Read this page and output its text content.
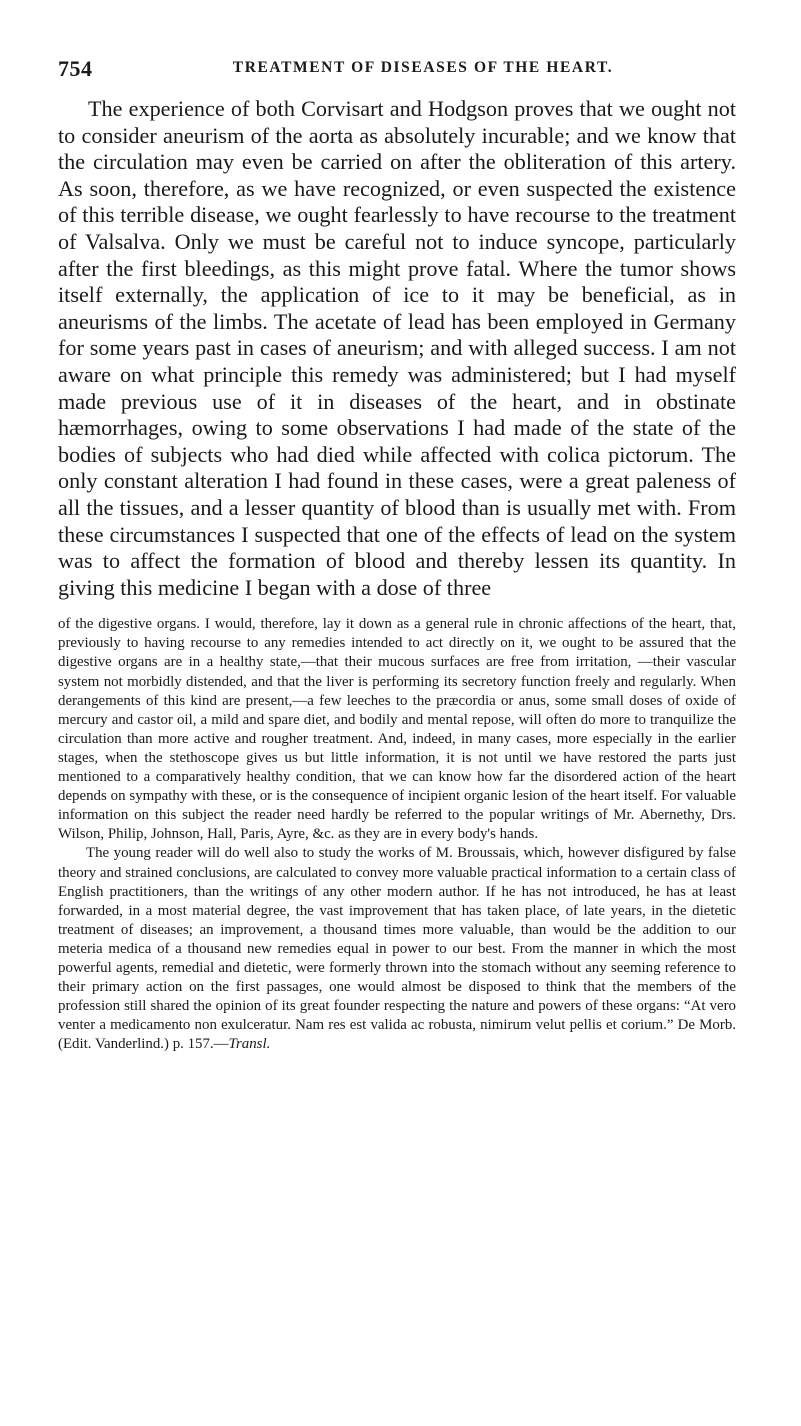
754	TREATMENT OF DISEASES OF THE HEART.

The experience of both Corvisart and Hodgson proves that we ought not to consider aneurism of the aorta as absolutely incurable; and we know that the circulation may even be carried on after the obliteration of this artery. As soon, therefore, as we have recognized, or even suspected the existence of this terrible disease, we ought fearlessly to have recourse to the treatment of Valsalva. Only we must be careful not to induce syncope, particularly after the first bleedings, as this might prove fatal. Where the tumor shows itself externally, the application of ice to it may be beneficial, as in aneurisms of the limbs. The acetate of lead has been employed in Germany for some years past in cases of aneurism; and with alleged success. I am not aware on what principle this remedy was administered; but I had myself made previous use of it in diseases of the heart, and in obstinate hæmorrhages, owing to some observations I had made of the state of the bodies of subjects who had died while affected with colica pictorum. The only constant alteration I had found in these cases, were a great paleness of all the tissues, and a lesser quantity of blood than is usually met with. From these circumstances I suspected that one of the effects of lead on the system was to affect the formation of blood and thereby lessen its quantity. In giving this medicine I began with a dose of three

of the digestive organs. I would, therefore, lay it down as a general rule in chronic affections of the heart, that, previously to having recourse to any remedies intended to act directly on it, we ought to be assured that the digestive organs are in a healthy state,—that their mucous surfaces are free from irritation, —their vascular system not morbidly distended, and that the liver is performing its secretory function freely and regularly. When derangements of this kind are present,—a few leeches to the præcordia or anus, some small doses of oxide of mercury and castor oil, a mild and spare diet, and bodily and mental repose, will often do more to tranquilize the circulation than more active and rougher treatment. And, indeed, in many cases, more especially in the earlier stages, when the stethoscope gives us but little information, it is not until we have restored the parts just mentioned to a comparatively healthy condition, that we can know how far the disordered action of the heart depends on sympathy with these, or is the consequence of incipient organic lesion of the heart itself. For valuable information on this subject the reader need hardly be referred to the popular writings of Mr. Abernethy, Drs. Wilson, Philip, Johnson, Hall, Paris, Ayre, &c. as they are in every body's hands.

The young reader will do well also to study the works of M. Broussais, which, however disfigured by false theory and strained conclusions, are calculated to convey more valuable practical information to a certain class of English practitioners, than the writings of any other modern author. If he has not introduced, he has at least forwarded, in a most material degree, the vast improvement that has taken place, of late years, in the dietetic treatment of diseases; an improvement, a thousand times more valuable, than would be the addition to our meteria medica of a thousand new remedies equal in power to our best. From the manner in which the most powerful agents, remedial and dietetic, were formerly thrown into the stomach without any seeming reference to their primary action on the first passages, one would almost be disposed to think that the members of the profession still shared the opinion of its great founder respecting the nature and powers of these organs: “At vero venter a medicamento non exulceratur. Nam res est valida ac robusta, nimirum velut pellis et corium.” De Morb. (Edit. Vanderlind.) p. 157.—Transl.
